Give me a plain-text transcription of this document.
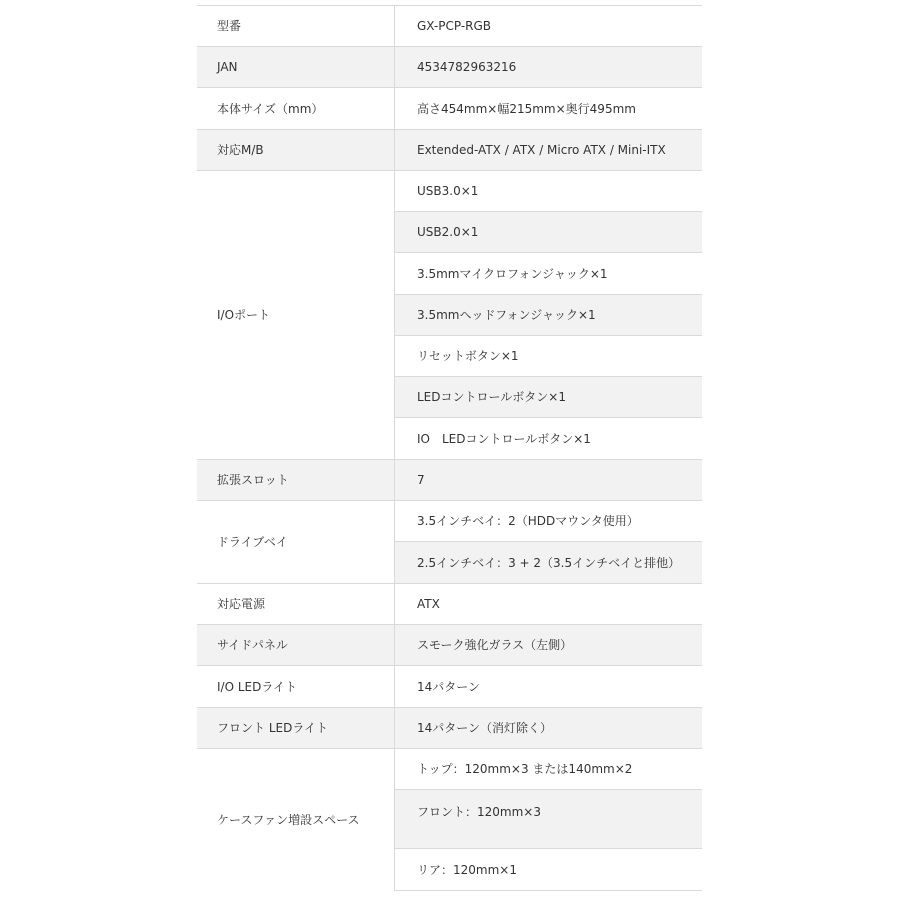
型番	GX-PCP-RGB
JAN	4534782963216
本体サイズ（mm）	高さ454mm×幅215mm×奥行495mm
対応M/B	Extended-ATX / ATX / Micro ATX / Mini-ITX
I/Oポート	USB3.0×1
	USB2.0×1
	3.5mmマイクロフォンジャック×1
	3.5mmヘッドフォンジャック×1
	リセットボタン×1
	LEDコントロールボタン×1
	IO　LEDコントロールボタン×1
拡張スロット	7
ドライブベイ	3.5インチベイ：2（HDDマウンタ使用）
	2.5インチベイ：3 + 2（3.5インチベイと排他）
対応電源	ATX
サイドパネル	スモーク強化ガラス（左側）
I/O LEDライト	14パターン
フロント LEDライト	14パターン（消灯除く）
ケースファン増設スペース	トップ：120mm×3 または140mm×2
	フロント：120mm×3
	リア：120mm×1
